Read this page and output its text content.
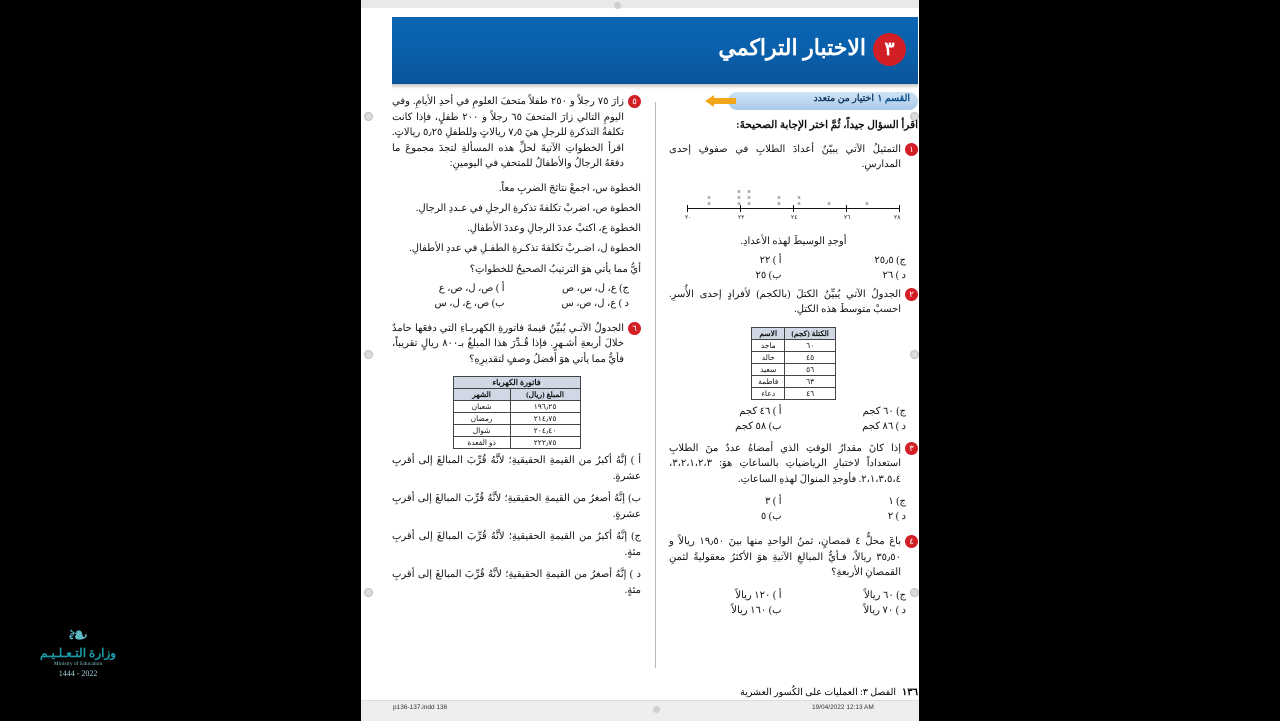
الاختبار التراكمي ٣
القسم ١
اختيار من متعدد
اقرأ السؤال جيداً، ثُمَّ اختر الإجابة الصحيحةَ:
١
التمثيلُ الآتي يبيّنُ أعدادَ الطلابِ في صفوفِ إحدى المدارسِ.
×
×
×
×
×
×
×
×
×
×
×
×	×	×
٢٠	٢٢	٢٤	٢٦	٢٨
أوجدِ الوسيطَ لهذه الأعدادِ.
ج) ٢٥٫٥
أ ) ٢٢
د ) ٢٦
ب) ٢٥
٢
الجدولُ الآتي يُبيِّنُ الكتلَ (بالكجم) لأفرادٍ إحدى الأُسرِ. احسبْ متوسطَ هذه الكتلِ.
الكتلة (كجم)	الاسم
٦٠	ماجد
٤٥	خالد
٥٦	سعيد
٦٣	فاطمة
٤٦	دعاء
ج) ٦٠ كجم
أ ) ٤٦ كجم
د ) ٨٦ كجم
ب) ٥٨ كجم
٣
إذا كانَ مقدارُ الوقتِ الذي أمضاهُ عددٌ منَ الطلابِ استعداداً لاختبارِ الرياضياتِ بالساعاتِ هوَ: ٣،٢،١،٢،٣، ٢،١،٣،٥،٤. فأوجدِ المنوالَ لهذهِ الساعاتِ.
ج) ١
أ ) ٣
د ) ٢
ب) ٥
٤
باعَ محلٌّ ٤ قمصانٍ، ثمنُ الواحدِ منها بينَ ١٩٫٥٠ ريالاً و ٣٥٫٥٠ ريالاً، فـأيُّ المبالغِ الآتيةِ هوَ الأكثرُ معقوليةً لثمنِ القمصانِ الأربعةِ؟
ج) ٦٠ ريالاً
أ ) ١٢٠ ريالاً
د ) ٧٠ ريالاً
ب) ١٦٠ ريالاً
٥
زارَ ٧٥ رجلاً و ٢٥٠ طفلاً متحفَ العلومِ في أحدِ الأيامِ. وفي اليومِ التالي زارَ المتحفَ ٦٥ رجلاً و ٢٠٠ طفلٍ، فإذا كانت تكلفةُ التذكرةِ للرجلِ هيَ ٧٫٥ ريالاتٍ وللطفلِ ٥٫٢٥ ريالاتٍ. اقرأ الخطواتِ الآتيةَ لحلِّ هذه المسألةِ لتجدَ مجموعَ ما دفعَهُ الرجالُ والأطفالُ للمتحفِ في اليومينِ:
الخطوة س، اجمعْ نتائجَ الضربِ معاً.
الخطوة ص، اضربْ تكلفةَ تذكرةِ الرجلِ في عـددِ الرجالِ.
الخطوة ع، اكتبْ عددَ الرجالِ وعددَ الأطفالِ.
الخطوة ل، اضـربْ تكلفةَ تذكـرةِ الطفـلِ في عددِ الأطفالِ.
أيُّ مما يأتي هوَ الترتيبُ الصحيحُ للخطواتِ؟
ج) ع، ل، س، ص
أ ) ص، ل، ص، ع
د ) ع، ل، ص، س
ب) ص، ع، ل، س
٦
الجدولُ الآتـي يُبيِّنُ قيمةَ فاتورةِ الكهربـاءِ التي دفعَها حامدٌ خلالَ أربعةِ أشـهرٍ. فإذا قُـدِّرَ هذا المبلغُ بـ٨٠٠ ريالٍ تقريباً، فأيُّ مما يأتي هوَ أفضلُ وصفٍ لتقديرِهِ؟
فاتورة الكهرباء
المبلغ (ريال)	الشهر
١٩٦٫٢٥	شعبان
٢١٤٫٧٥	رمضان
٢٠٤٫٤٠	شوال
٢٢٢٫٧٥	ذو القعدة
أ ) إنَّهُ أكبرُ من القيمةِ الحقيقيةِ؛ لأنَّهُ قُرِّبَ المبالغَ إلى أقربِ عشرةٍ.
ب) إنَّهُ أصغرُ من القيمةِ الحقيقيةِ؛ لأنَّهُ قُرِّبَ المبالغَ إلى أقربِ عشرةٍ.
ج) إنَّهُ أكبرُ من القيمةِ الحقيقيةِ؛ لأنَّهُ قُرِّبَ المبالغَ إلى أقربِ مئةٍ.
د ) إنَّهُ أصغرُ من القيمةِ الحقيقيةِ؛ لأنَّهُ قُرِّبَ المبالغَ إلى أقربِ مئةٍ.
❧
وزارة التـعـلـيـم
Ministry of Education
2022 - 1444
١٣٦
الفصل ٣: العمليات على الكُسور العشرية
p136-137.indd 136	19/04/2022 12:13 AM
